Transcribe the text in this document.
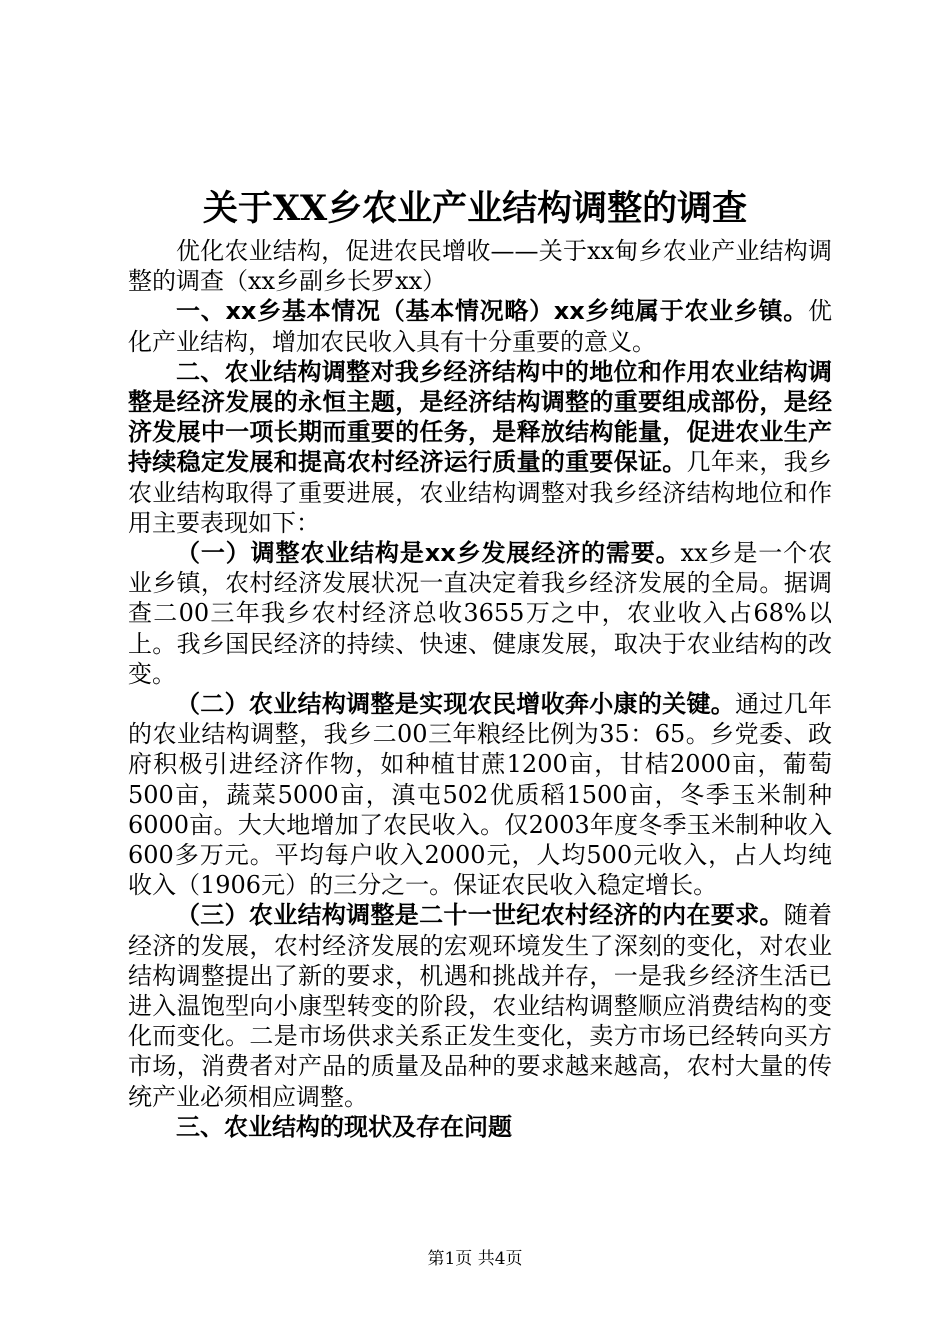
关于XX乡农业产业结构调整的调查

优化农业结构，促进农民增收——关于xx甸乡农业产业结构调整的调查（xx乡副乡长罗xx）

一、xx乡基本情况（基本情况略）xx乡纯属于农业乡镇。优化产业结构，增加农民收入具有十分重要的意义。

二、农业结构调整对我乡经济结构中的地位和作用农业结构调整是经济发展的永恒主题，是经济结构调整的重要组成部份，是经济发展中一项长期而重要的任务，是释放结构能量，促进农业生产持续稳定发展和提高农村经济运行质量的重要保证。几年来，我乡农业结构取得了重要进展，农业结构调整对我乡经济结构地位和作用主要表现如下：

（一）调整农业结构是xx乡发展经济的需要。xx乡是一个农业乡镇，农村经济发展状况一直决定着我乡经济发展的全局。据调查二00三年我乡农村经济总收3655万之中，农业收入占68%以上。我乡国民经济的持续、快速、健康发展，取决于农业结构的改变。

（二）农业结构调整是实现农民增收奔小康的关键。通过几年的农业结构调整，我乡二00三年粮经比例为35：65。乡党委、政府积极引进经济作物，如种植甘蔗1200亩，甘桔2000亩，葡萄500亩，蔬菜5000亩，滇屯502优质稻1500亩，冬季玉米制种6000亩。大大地增加了农民收入。仅2003年度冬季玉米制种收入600多万元。平均每户收入2000元，人均500元收入，占人均纯收入（1906元）的三分之一。保证农民收入稳定增长。

（三）农业结构调整是二十一世纪农村经济的内在要求。随着经济的发展，农村经济发展的宏观环境发生了深刻的变化，对农业结构调整提出了新的要求，机遇和挑战并存，一是我乡经济生活已进入温饱型向小康型转变的阶段，农业结构调整顺应消费结构的变化而变化。二是市场供求关系正发生变化，卖方市场已经转向买方市场，消费者对产品的质量及品种的要求越来越高，农村大量的传统产业必须相应调整。

三、农业结构的现状及存在问题

第1页 共4页
